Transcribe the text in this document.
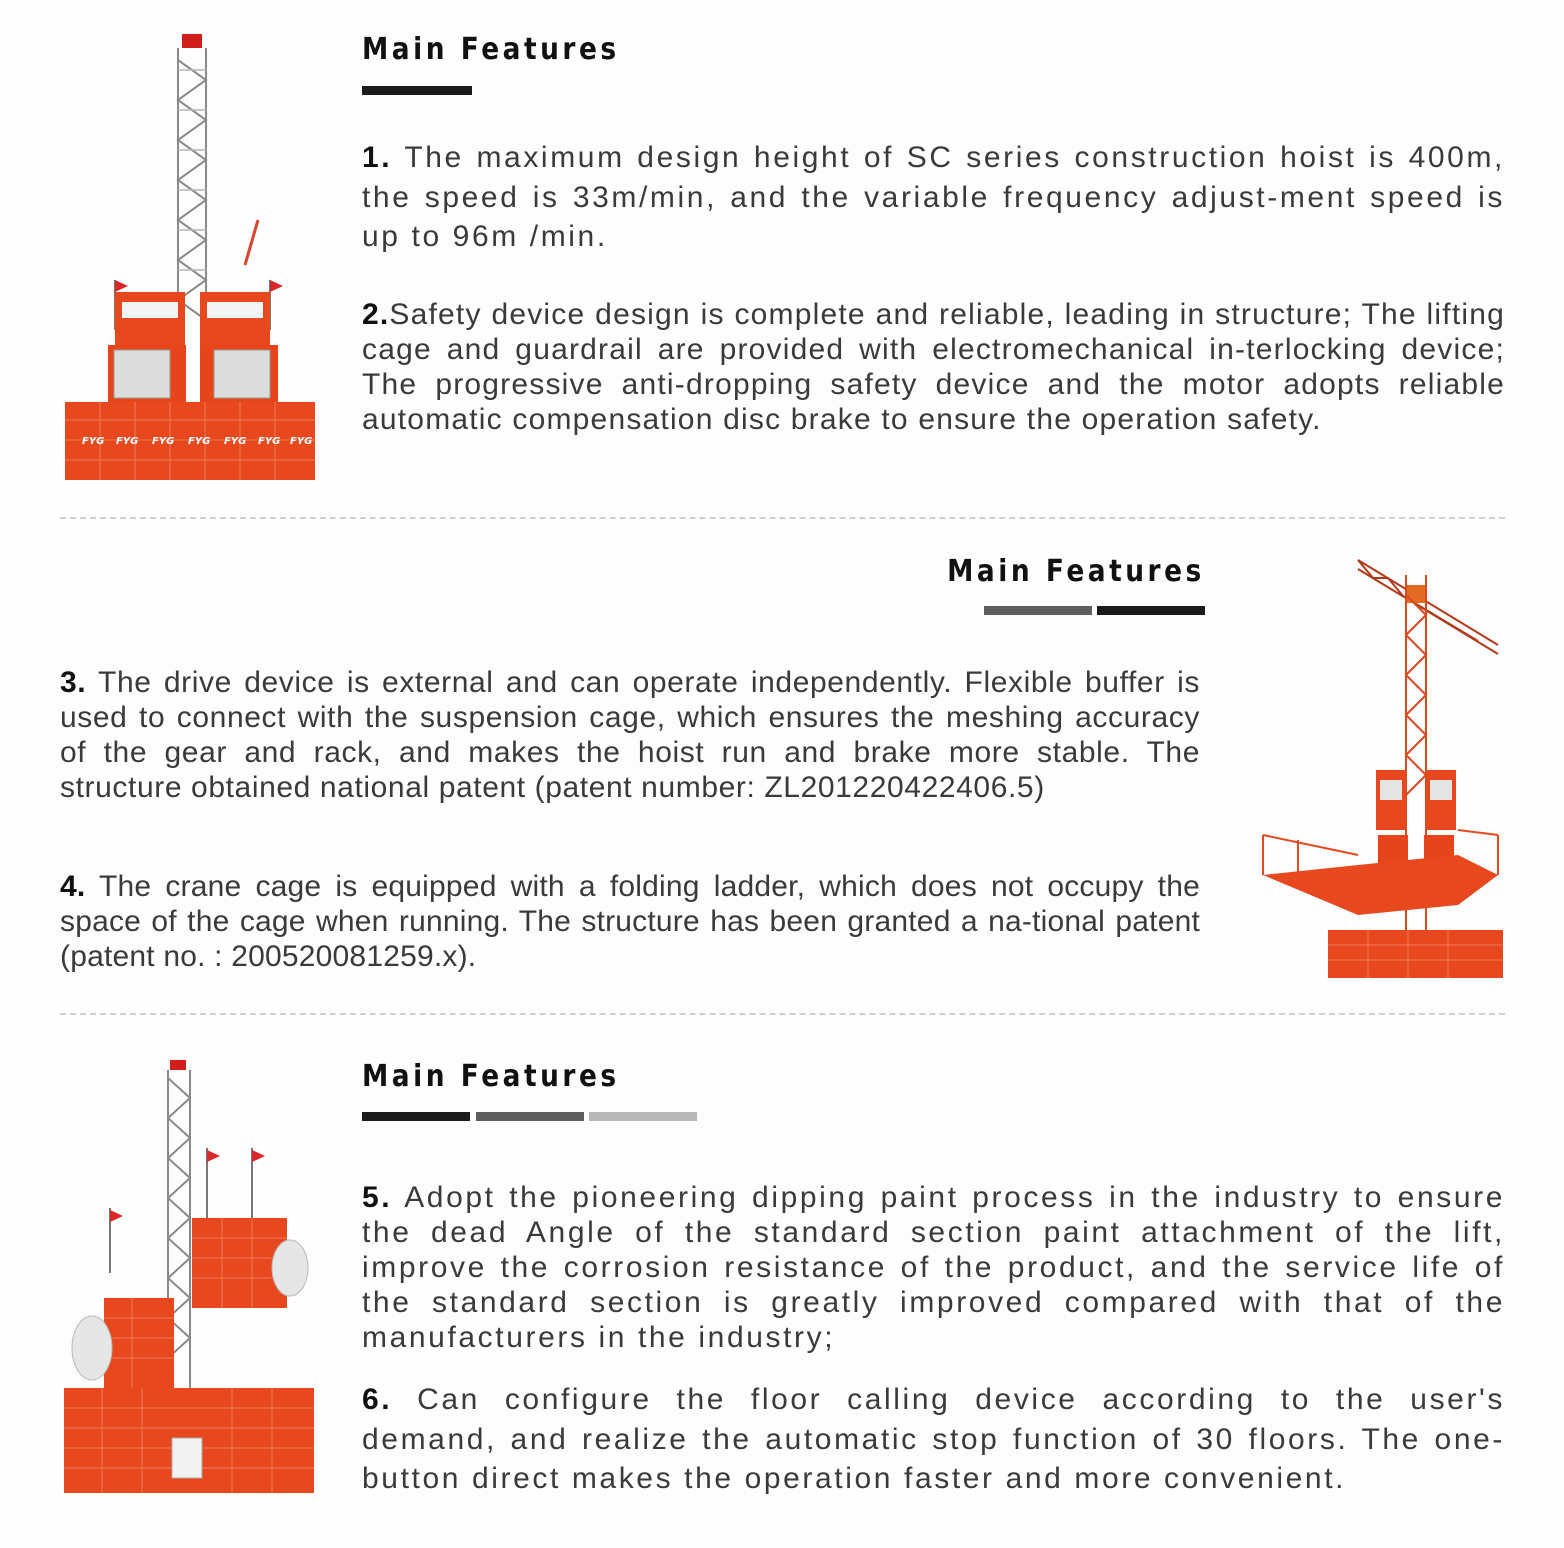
FYG FYG FYG FYG FYG FYG FYG
Main Features
1. The maximum design height of SC series construction hoist is 400m, the speed is 33m/min, and the variable frequency adjust-ment speed is up to 96m /min.
2.Safety device design is complete and reliable, leading in structure; The lifting cage and guardrail are provided with electromechanical in-terlocking device; The progressive anti-dropping safety device and the motor adopts reliable automatic compensation disc brake to ensure the operation safety.
Main Features
3. The drive device is external and can operate independently. Flexible buffer is used to connect with the suspension cage, which ensures the meshing accuracy of the gear and rack, and makes the hoist run and brake more stable. The structure obtained national patent (patent number: ZL201220422406.5)
4. The crane cage is equipped with a folding ladder, which does not occupy the space of the cage when running. The structure has been granted a na-tional patent (patent no. : 200520081259.x).
Main Features
5. Adopt the pioneering dipping paint process in the industry to ensure the dead Angle of the standard section paint attachment of the lift, improve the corrosion resistance of the product, and the service life of the standard section is greatly improved compared with that of the manufacturers in the industry;
6. Can configure the floor calling device according to the user's demand, and realize the automatic stop function of 30 floors. The one-button direct makes the operation faster and more convenient.
